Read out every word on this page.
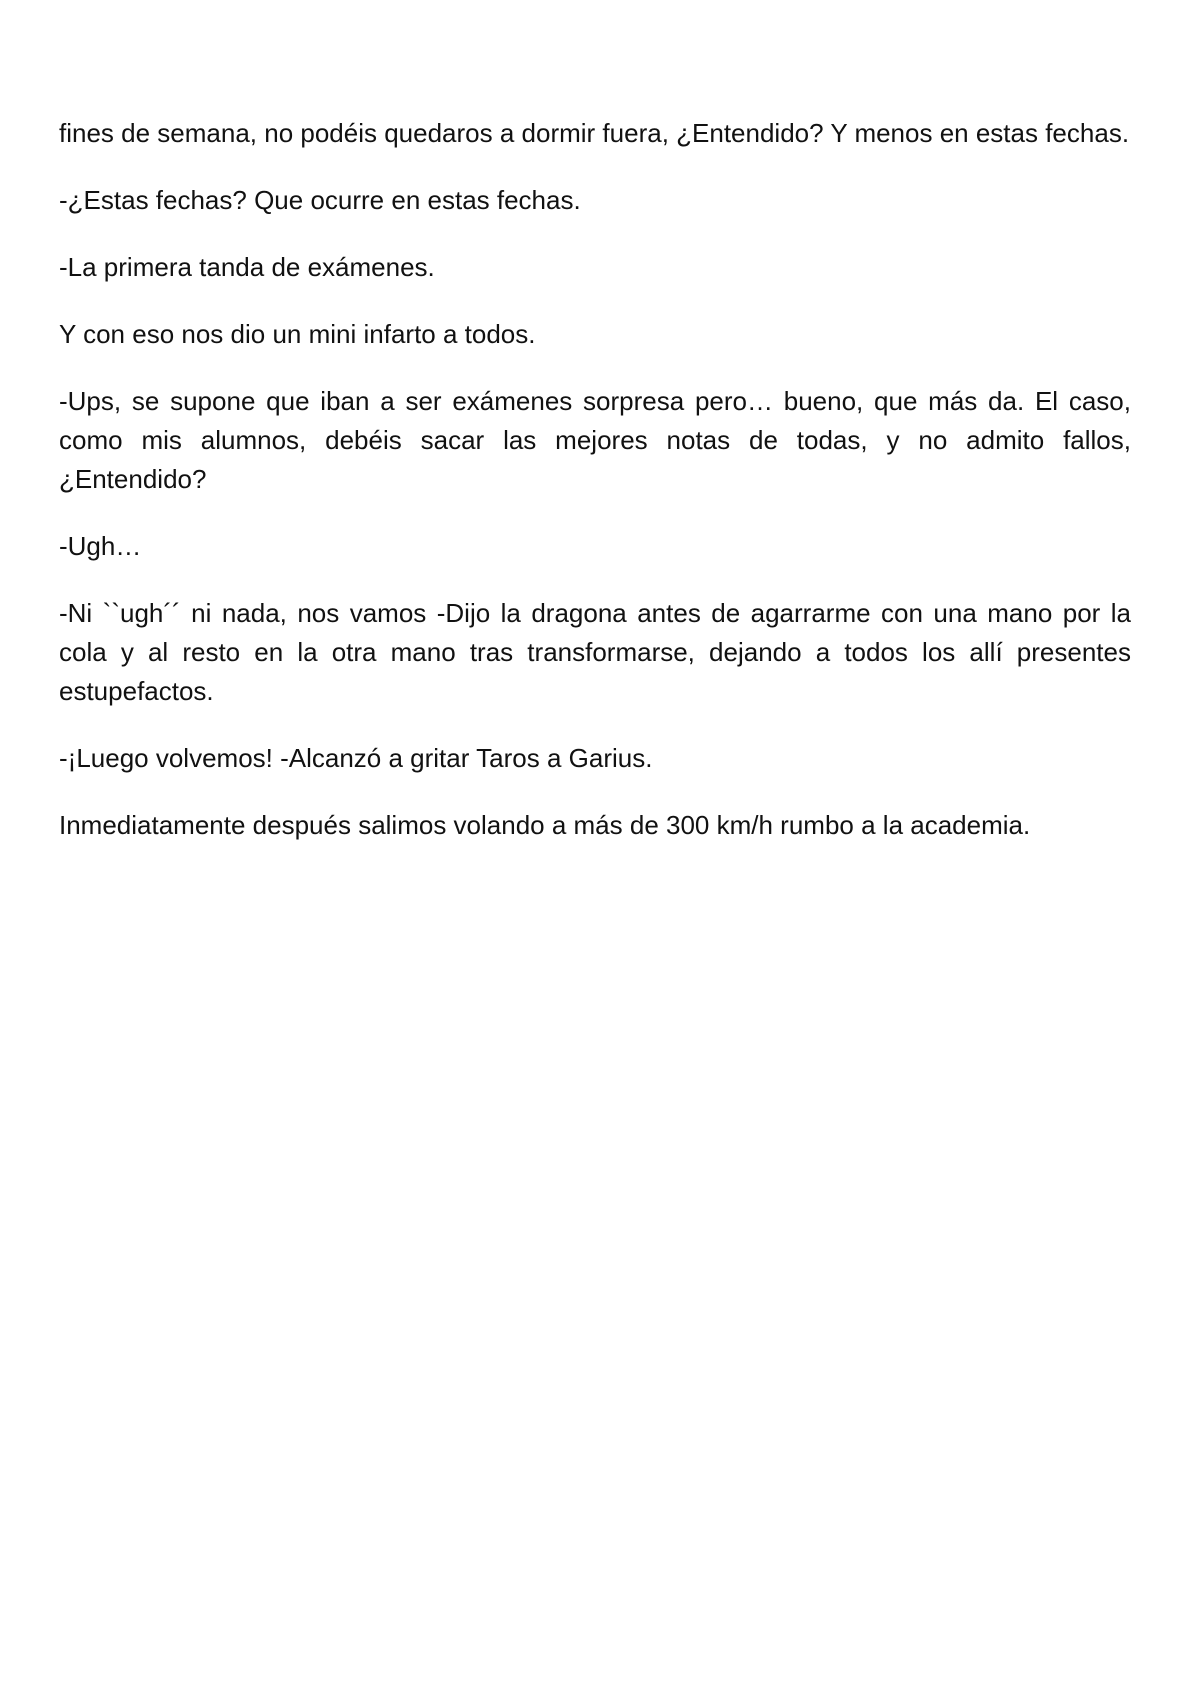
fines de semana, no podéis quedaros a dormir fuera, ¿Entendido? Y menos en estas fechas.

-¿Estas fechas? Que ocurre en estas fechas.

-La primera tanda de exámenes.

Y con eso nos dio un mini infarto a todos.

-Ups, se supone que iban a ser exámenes sorpresa pero… bueno, que más da. El caso, como mis alumnos, debéis sacar las mejores notas de todas, y no admito fallos, ¿Entendido?

-Ugh…

-Ni ``ugh´´ ni nada, nos vamos -Dijo la dragona antes de agarrarme con una mano por la cola y al resto en la otra mano tras transformarse, dejando a todos los allí presentes estupefactos.

-¡Luego volvemos! -Alcanzó a gritar Taros a Garius.

Inmediatamente después salimos volando a más de 300 km/h rumbo a la academia.
